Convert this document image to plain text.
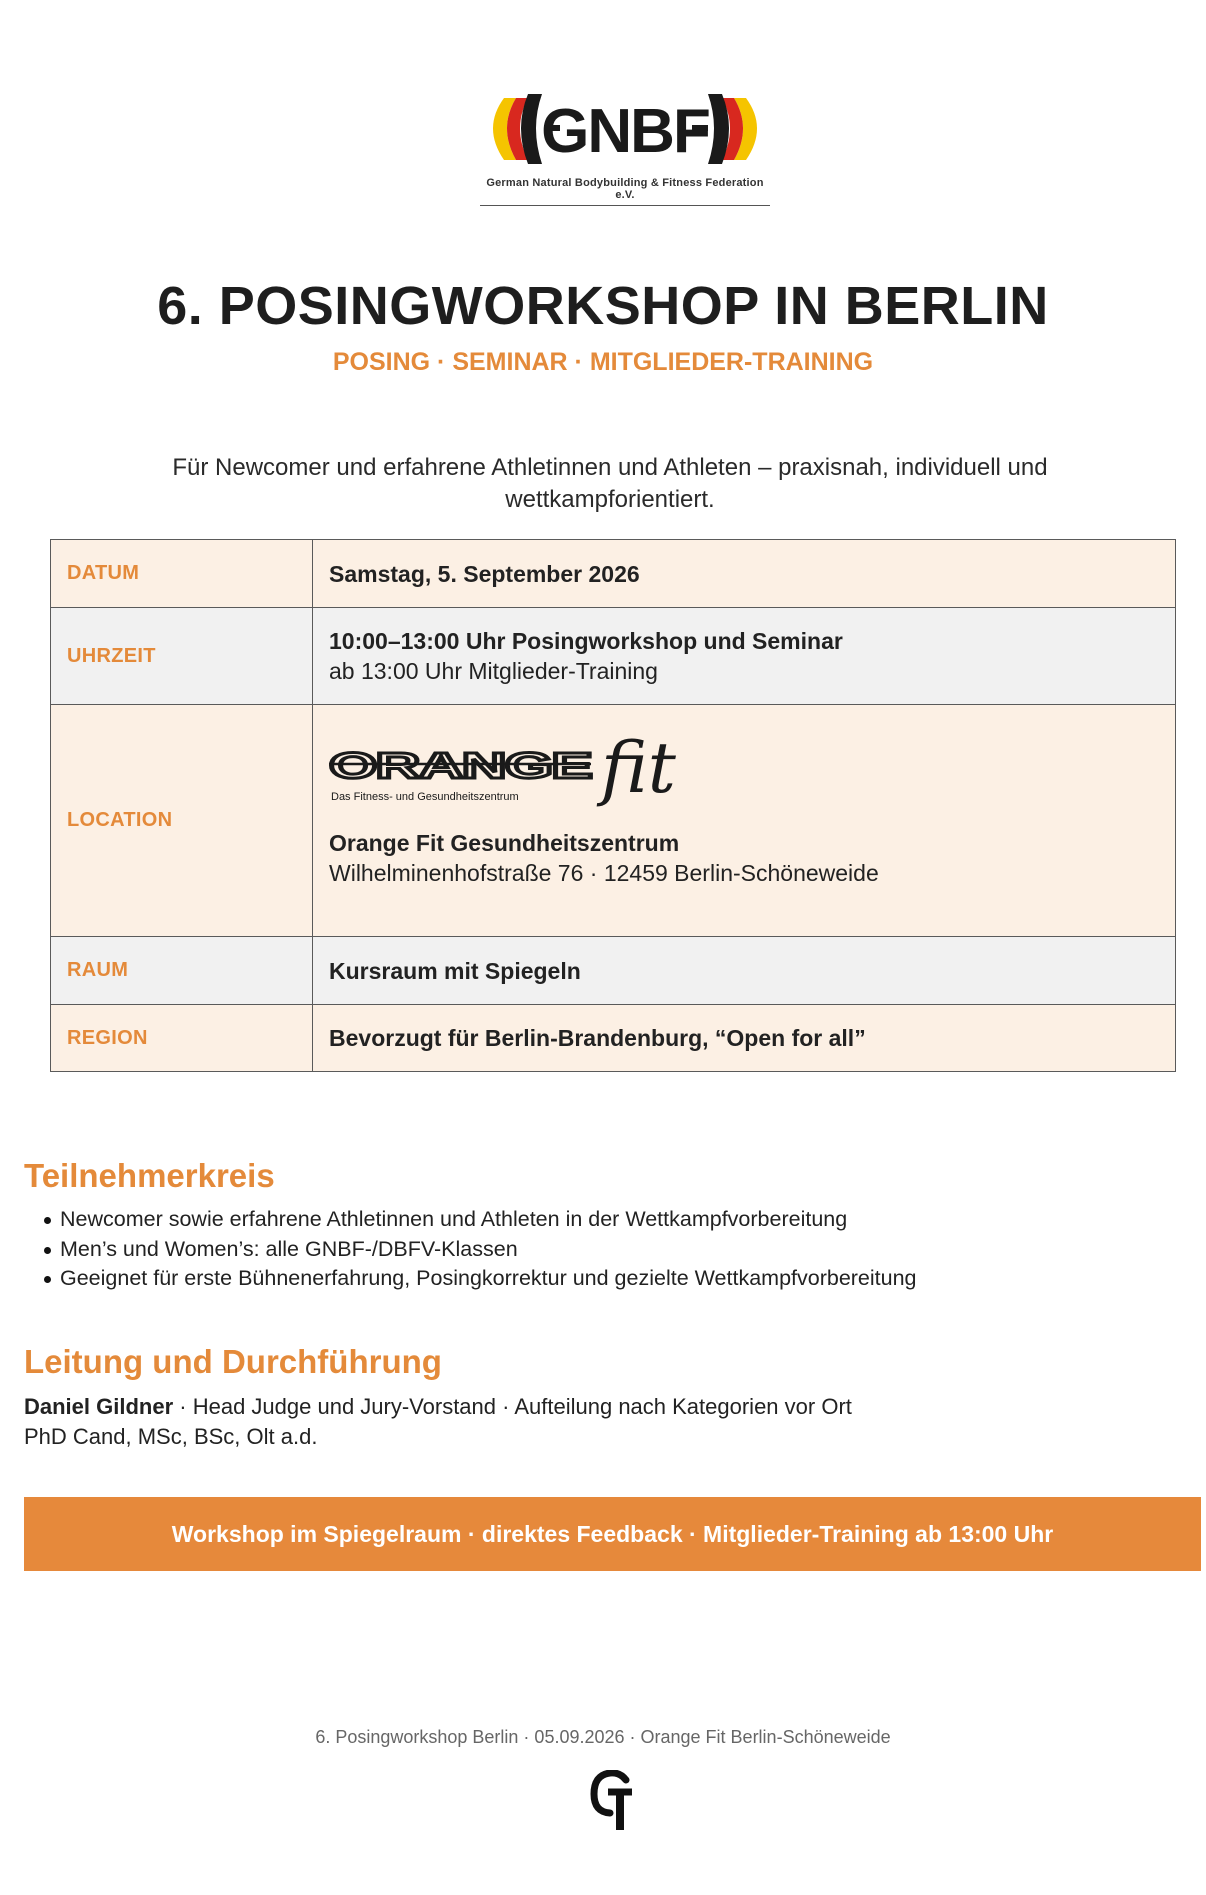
GNBF
German Natural Bodybuilding & Fitness Federation e.V.
6. POSINGWORKSHOP IN BERLIN
POSING · SEMINAR · MITGLIEDER-TRAINING
Für Newcomer und erfahrene Athletinnen und Athleten – praxisnah, individuell und wettkampforientiert.
DATUM	Samstag, 5. September 2026
UHRZEIT	10:00–13:00 Uhr Posingworkshop und Seminar
ab 13:00 Uhr Mitglieder-Training

LOCATION	ORANGE
Das Fitness- und Gesundheitszentrum fit
Orange Fit Gesundheitszentrum
Wilhelminenhofstraße 76 · 12459 Berlin-Schöneweide

RAUM	Kursraum mit Spiegeln
REGION	Bevorzugt für Berlin-Brandenburg, “Open for all”
Teilnehmerkreis
Newcomer sowie erfahrene Athletinnen und Athleten in der Wettkampfvorbereitung
Men’s und Women’s: alle GNBF-/DBFV-Klassen
Geeignet für erste Bühnenerfahrung, Posingkorrektur und gezielte Wettkampfvorbereitung
Leitung und Durchführung
Daniel Gildner · Head Judge und Jury-Vorstand · Aufteilung nach Kategorien vor Ort
PhD Cand, MSc, BSc, Olt a.d.
Workshop im Spiegelraum · direktes Feedback · Mitglieder-Training ab 13:00 Uhr
6. Posingworkshop Berlin · 05.09.2026 · Orange Fit Berlin-Schöneweide
